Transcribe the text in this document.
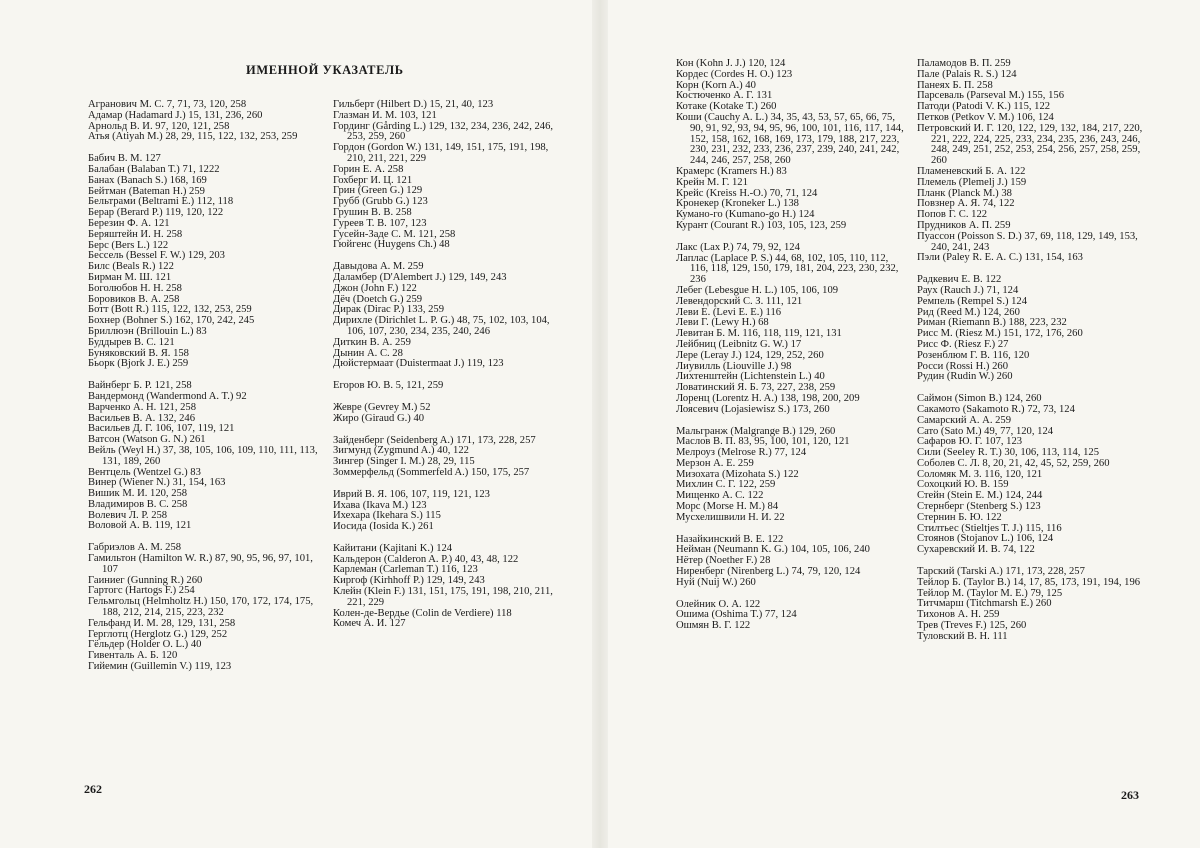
ИМЕННОЙ УКАЗАТЕЛЬ
Агранович М. С. 7, 71, 73, 120, 258
Адамар (Hadamard J.) 15, 131, 236, 260
Арнольд В. И. 97, 120, 121, 258
Атья (Atiyah M.) 28, 29, 115, 122, 132, 253, 259
Бабич В. М. 127
Балабан (Balaban T.) 71, 1222
Банах (Banach S.) 168, 169
Бейтман (Bateman H.) 259
Бельтрами (Beltrami E.) 112, 118
Берар (Berard P.) 119, 120, 122
Березин Ф. А. 121
Беряштейн И. Н. 258
Берс (Bers L.) 122
Бессель (Bessel F. W.) 129, 203
Билс (Beals R.) 122
Бирман М. Ш. 121
Боголюбов Н. Н. 258
Боровиков В. А. 258
Ботт (Bott R.) 115, 122, 132, 253, 259
Бохнер (Bohner S.) 162, 170, 242, 245
Бриллюэн (Brillouin L.) 83
Буддырев В. С. 121
Буняковский В. Я. 158
Бьорк (Bjork J. E.) 259
Вайнберг Б. Р. 121, 258
Вандермонд (Wandermond A. T.) 92
Варченко А. Н. 121, 258
Васильев В. А. 132, 246
Васильев Д. Г. 106, 107, 119, 121
Ватсон (Watson G. N.) 261
Вейль (Weyl H.) 37, 38, 105, 106, 109, 110, 111, 113, 131, 189, 260
Вентцель (Wentzel G.) 83
Винер (Wiener N.) 31, 154, 163
Вишик М. И. 120, 258
Владимиров В. С. 258
Волевич Л. Р. 258
Воловой А. В. 119, 121
Габриэлов А. М. 258
Гамильтон (Hamilton W. R.) 87, 90, 95, 96, 97, 101, 107
Гаиниег (Gunning R.) 260
Гартогс (Hartogs F.) 254
Гельмгольц (Helmholtz H.) 150, 170, 172, 174, 175, 188, 212, 214, 215, 223, 232
Гельфанд И. М. 28, 129, 131, 258
Герглотц (Herglotz G.) 129, 252
Гёльдер (Holder O. L.) 40
Гивенталь А. Б. 120
Гийемин (Guillemin V.) 119, 123
Гильберт (Hilbert D.) 15, 21, 40, 123
Глазман И. М. 103, 121
Гординг (Gårding L.) 129, 132, 234, 236, 242, 246, 253, 259, 260
Гордон (Gordon W.) 131, 149, 151, 175, 191, 198, 210, 211, 221, 229
Горин Е. А. 258
Гохберг И. Ц. 121
Грин (Green G.) 129
Грубб (Grubb G.) 123
Грушин В. В. 258
Гуреев Т. В. 107, 123
Гусейн-Заде С. М. 121, 258
Гюйгенс (Huygens Ch.) 48
Давыдова А. М. 259
Даламбер (D'Alembert J.) 129, 149, 243
Джон (John F.) 122
Дёч (Doetch G.) 259
Дирак (Dirac P.) 133, 259
Дирихле (Dirichlet L. P. G.) 48, 75, 102, 103, 104, 106, 107, 230, 234, 235, 240, 246
Диткин В. А. 259
Дынин А. С. 28
Дюйстермаат (Duistermaat J.) 119, 123
Егоров Ю. В. 5, 121, 259
Жевре (Gevrey M.) 52
Жиро (Giraud G.) 40
Зайденберг (Seidenberg A.) 171, 173, 228, 257
Зигмунд (Zygmund A.) 40, 122
Зингер (Singer I. M.) 28, 29, 115
Зоммерфельд (Sommerfeld A.) 150, 175, 257
Иврий В. Я. 106, 107, 119, 121, 123
Ихава (Ikava M.) 123
Ихехара (Ikehara S.) 115
Иосида (Iosida K.) 261
Кайитани (Kajitani K.) 124
Кальдерон (Calderon A. P.) 40, 43, 48, 122
Карлеман (Carleman T.) 116, 123
Киргоф (Kirhhoff P.) 129, 149, 243
Клейн (Klein F.) 131, 151, 175, 191, 198, 210, 211, 221, 229
Колен-де-Вердье (Colin de Verdiere) 118
Комеч А. И. 127
262
Кон (Kohn J. J.) 120, 124
Кордес (Cordes H. O.) 123
Корн (Korn A.) 40
Костюченко А. Г. 131
Котаке (Kotake T.) 260
Коши (Cauchy A. L.) 34, 35, 43, 53, 57, 65, 66, 75, 90, 91, 92, 93, 94, 95, 96, 100, 101, 116, 117, 144, 152, 158, 162, 168, 169, 173, 179, 188, 217, 223, 230, 231, 232, 233, 236, 237, 239, 240, 241, 242, 244, 246, 257, 258, 260
Крамерс (Kramers H.) 83
Крейн М. Г. 121
Крейс (Kreiss H.-O.) 70, 71, 124
Кронекер (Kroneker L.) 138
Кумано-го (Kumano-go H.) 124
Курант (Courant R.) 103, 105, 123, 259
Лакс (Lax P.) 74, 79, 92, 124
Лаплас (Laplace P. S.) 44, 68, 102, 105, 110, 112, 116, 118, 129, 150, 179, 181, 204, 223, 230, 232, 236
Лебег (Lebesgue H. L.) 105, 106, 109
Левендорский С. З. 111, 121
Леви Е. (Levi E. E.) 116
Леви Г. (Lewy H.) 68
Левитан Б. М. 116, 118, 119, 121, 131
Лейбниц (Leibnitz G. W.) 17
Лере (Leray J.) 124, 129, 252, 260
Лиувилль (Liouville J.) 98
Лихтенштейн (Lichtenstein L.) 40
Ловатинский Я. Б. 73, 227, 238, 259
Лоренц (Lorentz H. A.) 138, 198, 200, 209
Лоясевич (Lojasiewisz S.) 173, 260
Мальгранж (Malgrange B.) 129, 260
Маслов В. П. 83, 95, 100, 101, 120, 121
Мелроуз (Melrose R.) 77, 124
Мерзон А. Е. 259
Мизохата (Mizohata S.) 122
Михлин С. Г. 122, 259
Мищенко А. С. 122
Морс (Morse H. M.) 84
Мусхелишвили Н. И. 22
Назайкинский В. Е. 122
Нейман (Neumann K. G.) 104, 105, 106, 240
Нётер (Noether F.) 28
Ниренберг (Nirenberg L.) 74, 79, 120, 124
Нуй (Nuij W.) 260
Олейник О. А. 122
Ошима (Oshima T.) 77, 124
Ошмян В. Г. 122
Паламодов В. П. 259
Пале (Palais R. S.) 124
Панеях Б. П. 258
Парсеваль (Parseval M.) 155, 156
Патоди (Patodi V. K.) 115, 122
Петков (Petkov V. M.) 106, 124
Петровский И. Г. 120, 122, 129, 132, 184, 217, 220, 221, 222, 224, 225, 233, 234, 235, 236, 243, 246, 248, 249, 251, 252, 253, 254, 256, 257, 258, 259, 260
Пламеневский Б. А. 122
Племель (Plemelj J.) 159
Планк (Planck M.) 38
Повзнер А. Я. 74, 122
Попов Г. С. 122
Прудников А. П. 259
Пуассон (Poisson S. D.) 37, 69, 118, 129, 149, 153, 240, 241, 243
Пэли (Paley R. E. A. C.) 131, 154, 163
Радкевич Е. В. 122
Раух (Rauch J.) 71, 124
Ремпель (Rempel S.) 124
Рид (Reed M.) 124, 260
Риман (Riemann B.) 188, 223, 232
Рисс М. (Riesz M.) 151, 172, 176, 260
Рисс Ф. (Riesz F.) 27
Розенблюм Г. В. 116, 120
Росси (Rossi H.) 260
Рудин (Rudin W.) 260
Саймон (Simon B.) 124, 260
Сакамото (Sakamoto R.) 72, 73, 124
Самарский А. А. 259
Сато (Sato M.) 49, 77, 120, 124
Сафаров Ю. Г. 107, 123
Сили (Seeley R. T.) 30, 106, 113, 114, 125
Соболев С. Л. 8, 20, 21, 42, 45, 52, 259, 260
Соломяк М. З. 116, 120, 121
Сохоцкий Ю. В. 159
Стейн (Stein E. M.) 124, 244
Стернберг (Stenberg S.) 123
Стернин Б. Ю. 122
Стилтьес (Stieltjes T. J.) 115, 116
Стоянов (Stojanov L.) 106, 124
Сухаревский И. В. 74, 122
Тарский (Tarski A.) 171, 173, 228, 257
Тейлор Б. (Taylor B.) 14, 17, 85, 173, 191, 194, 196
Тейлор М. (Taylor M. E.) 79, 125
Титчмарш (Titchmarsh E.) 260
Тихонов А. Н. 259
Трев (Treves F.) 125, 260
Туловский В. Н. 111
263
